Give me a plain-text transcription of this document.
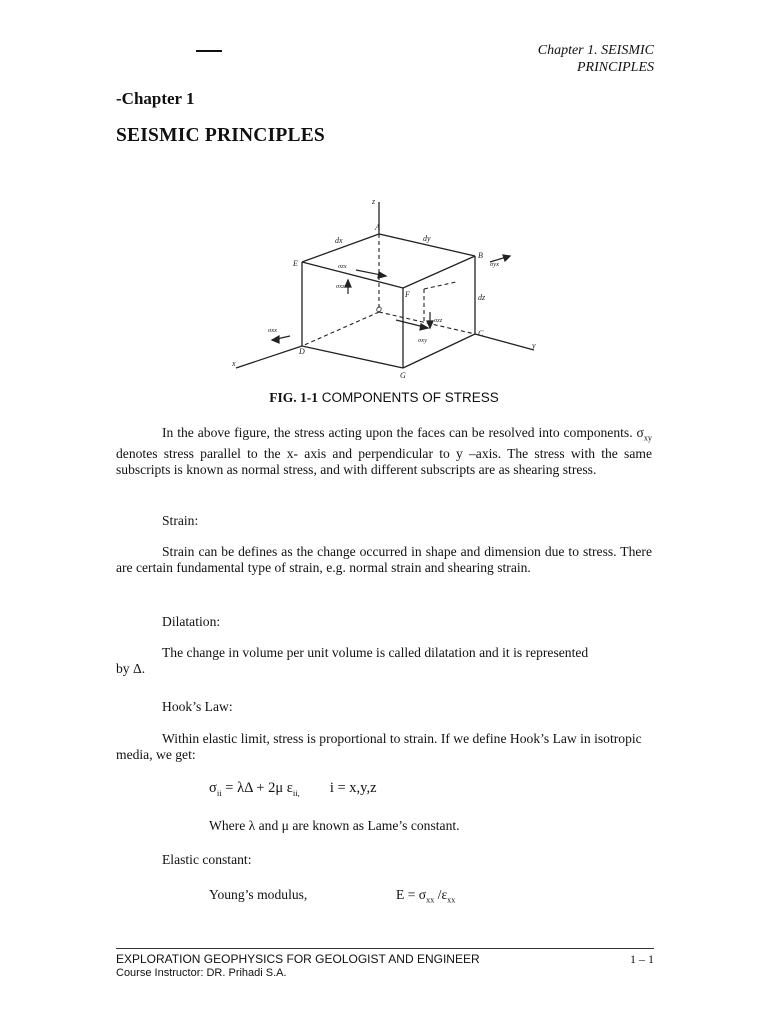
Chapter 1. SEISMIC
PRINCIPLES
-Chapter 1
SEISMIC PRINCIPLES
z
A
B
C
D
E
F
G
O
x
y
dx	dy
dz
σzx	σyx
σxx
σxz
σxy
σzz
FIG. 1-1 COMPONENTS OF STRESS
In the above figure, the stress acting upon the faces can be resolved into components. $\sigma_{xy}$ denotes stress parallel to the x- axis and perpendicular to y –axis. The stress with the same subscripts is known as normal stress, and with different subscripts are as shearing stress.
Strain:
Strain can be defines as the change occurred in shape and dimension due to stress. There are certain fundamental type of strain, e.g. normal strain and shearing strain.
Dilatation:
The change in volume per unit volume is called dilatation and it is represented
by Δ.
Hook’s Law:
Within elastic limit, stress is proportional to strain. If we define Hook’s Law in isotropic media, we get:
$\sigma_{ii} = \lambda\Delta + 2\mu$ $\varepsilon_{ii,}$ i = x,y,z
Where λ and μ are known as Lame’s constant.
Elastic constant:
Young’s modulus,	$E = \sigma_{xx}$ $/\varepsilon_{xx}$
EXPLORATION GEOPHYSICS FOR GEOLOGIST AND ENGINEER	1 – 1
Course Instructor: DR. Prihadi S.A.
